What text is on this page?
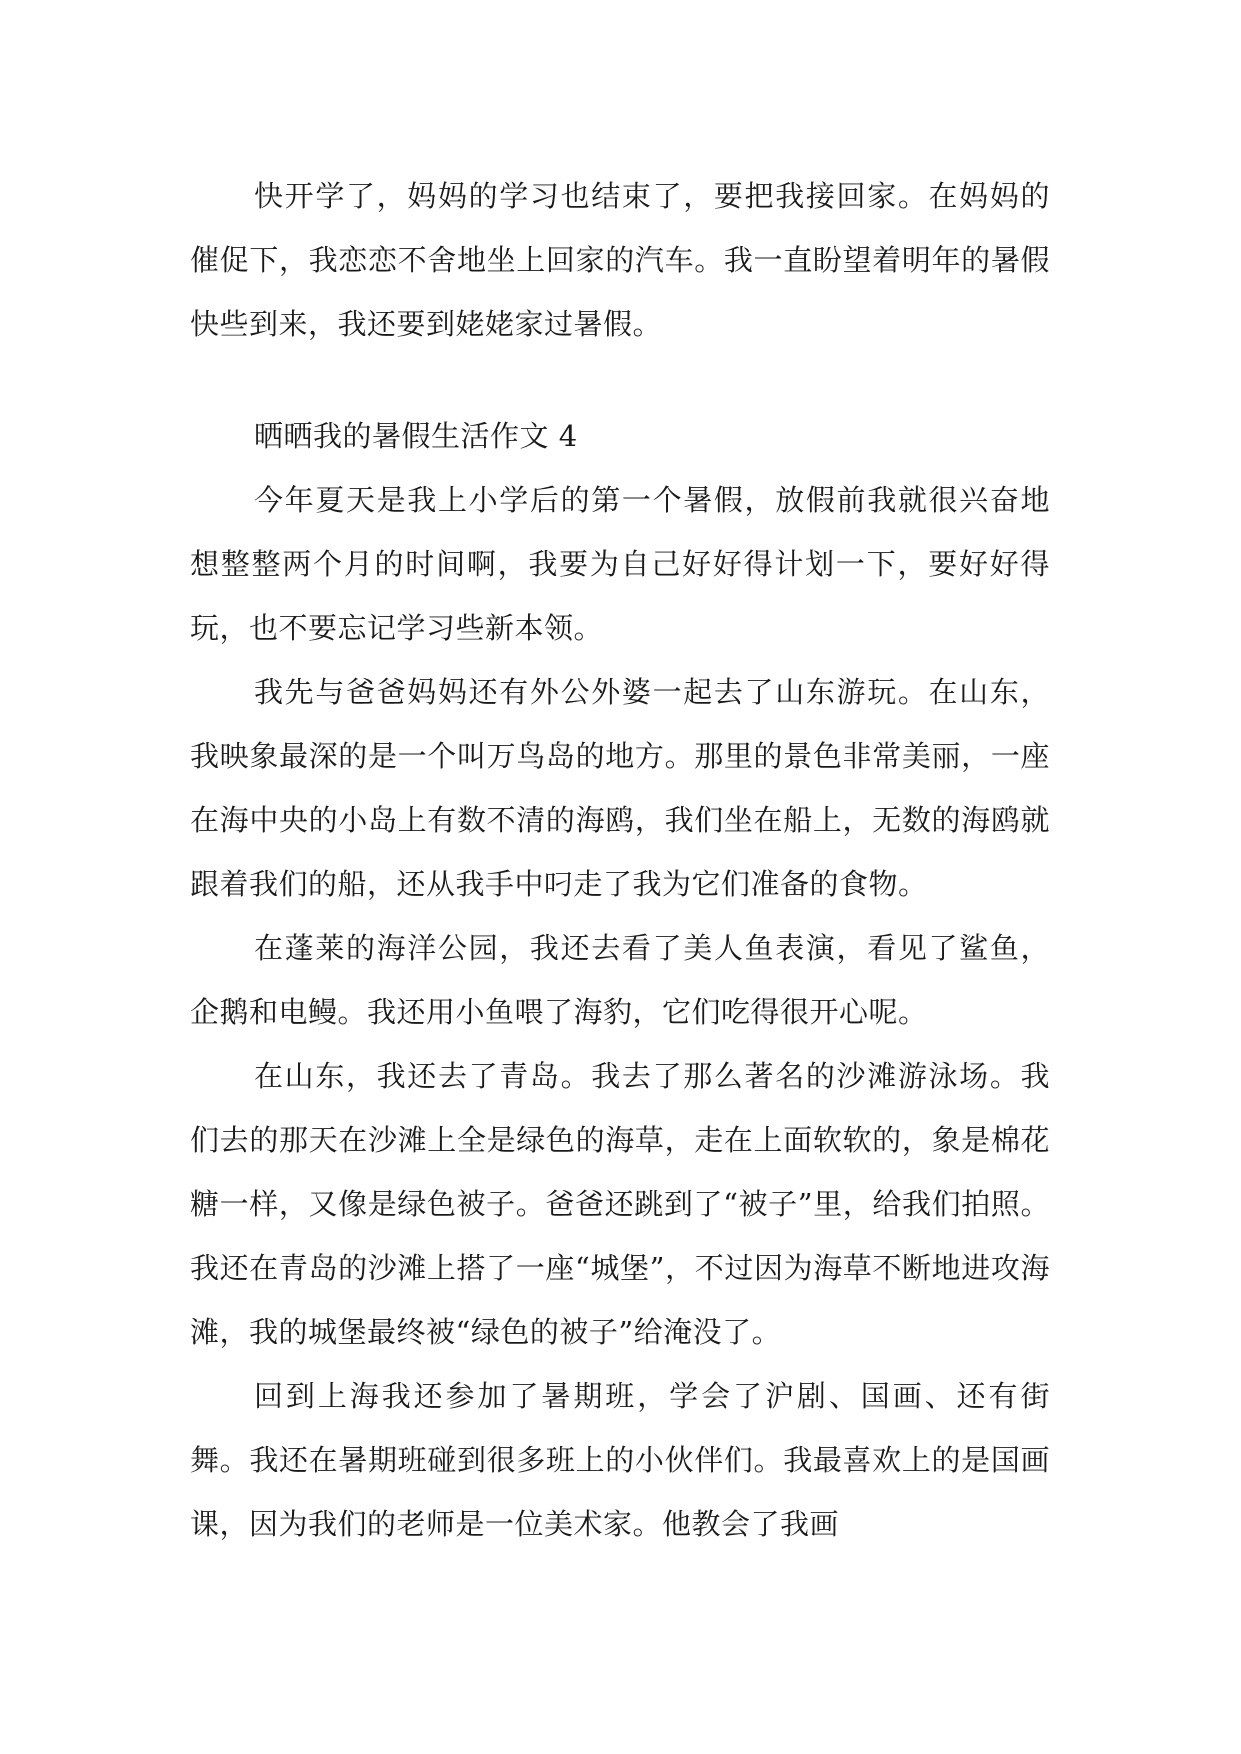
快开学了，妈妈的学习也结束了，要把我接回家。在妈妈的催促下，我恋恋不舍地坐上回家的汽车。我一直盼望着明年的暑假快些到来，我还要到姥姥家过暑假。

晒晒我的暑假生活作文 4

今年夏天是我上小学后的第一个暑假，放假前我就很兴奋地想整整两个月的时间啊，我要为自己好好得计划一下，要好好得玩，也不要忘记学习些新本领。

我先与爸爸妈妈还有外公外婆一起去了山东游玩。在山东，我映象最深的是一个叫万鸟岛的地方。那里的景色非常美丽，一座在海中央的小岛上有数不清的海鸥，我们坐在船上，无数的海鸥就跟着我们的船，还从我手中叼走了我为它们准备的食物。

在蓬莱的海洋公园，我还去看了美人鱼表演，看见了鲨鱼，企鹅和电鳗。我还用小鱼喂了海豹，它们吃得很开心呢。

在山东，我还去了青岛。我去了那么著名的沙滩游泳场。我们去的那天在沙滩上全是绿色的海草，走在上面软软的，象是棉花糖一样，又像是绿色被子。爸爸还跳到了“被子”里，给我们拍照。我还在青岛的沙滩上搭了一座“城堡”，不过因为海草不断地进攻海滩，我的城堡最终被“绿色的被子”给淹没了。

回到上海我还参加了暑期班，学会了沪剧、国画、还有街舞。我还在暑期班碰到很多班上的小伙伴们。我最喜欢上的是国画课，因为我们的老师是一位美术家。他教会了我画
